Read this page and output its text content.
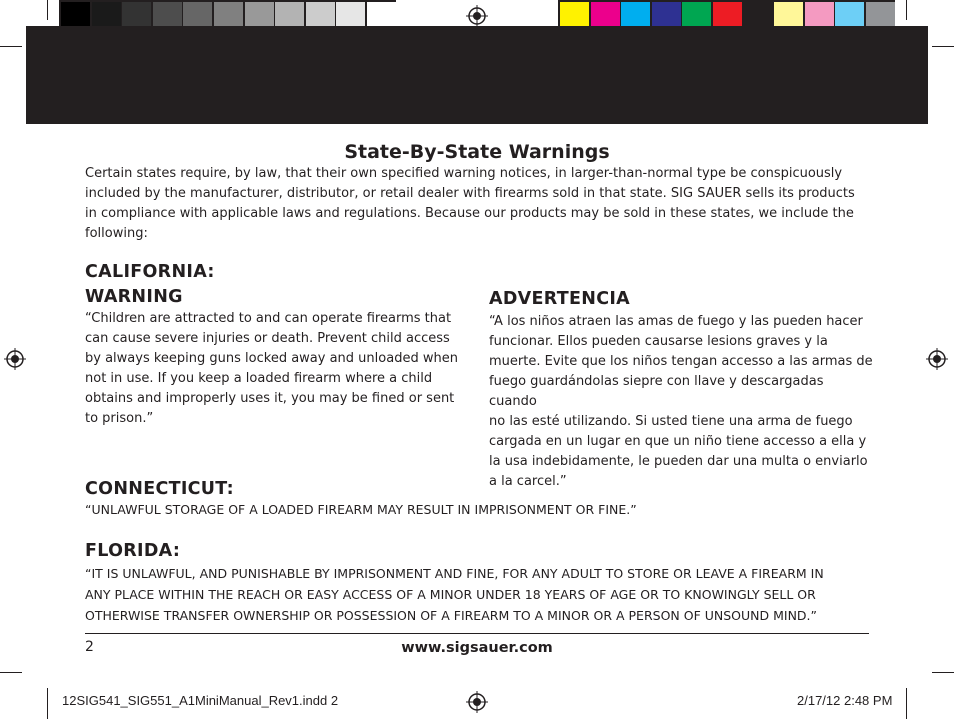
State-By-State Warnings
Certain states require, by law, that their own specified warning notices, in larger-than-normal type be conspicuously
included by the manufacturer, distributor, or retail dealer with firearms sold in that state. SIG SAUER sells its products
in compliance with applicable laws and regulations. Because our products may be sold in these states, we include the
following:
CALIFORNIA:
WARNING
“Children are attracted to and can operate firearms that
can cause severe injuries or death. Prevent child access
by always keeping guns locked away and unloaded when
not in use. If you keep a loaded firearm where a child
obtains and improperly uses it, you may be fined or sent
to prison.”
ADVERTENCIA
“A los niños atraen las amas de fuego y las pueden hacer
funcionar. Ellos pueden causarse lesions graves y la
muerte. Evite que los niños tengan accesso a las armas de
fuego guardándolas siepre con llave y descargadas cuando
no las esté utilizando. Si usted tiene una arma de fuego
cargada en un lugar en que un niño tiene accesso a ella y
la usa indebidamente, le pueden dar una multa o enviarlo
a la carcel.”
CONNECTICUT:
“UNLAWFUL STORAGE OF A LOADED FIREARM MAY RESULT IN IMPRISONMENT OR FINE.”
FLORIDA:
“IT IS UNLAWFUL, AND PUNISHABLE BY IMPRISONMENT AND FINE, FOR ANY ADULT TO STORE OR LEAVE A FIREARM IN
ANY PLACE WITHIN THE REACH OR EASY ACCESS OF A MINOR UNDER 18 YEARS OF AGE OR TO KNOWINGLY SELL OR
OTHERWISE TRANSFER OWNERSHIP OR POSSESSION OF A FIREARM TO A MINOR OR A PERSON OF UNSOUND MIND.”
2	www.sigsauer.com
12SIG541_SIG551_A1MiniManual_Rev1.indd 2	2/17/12 2:48 PM
